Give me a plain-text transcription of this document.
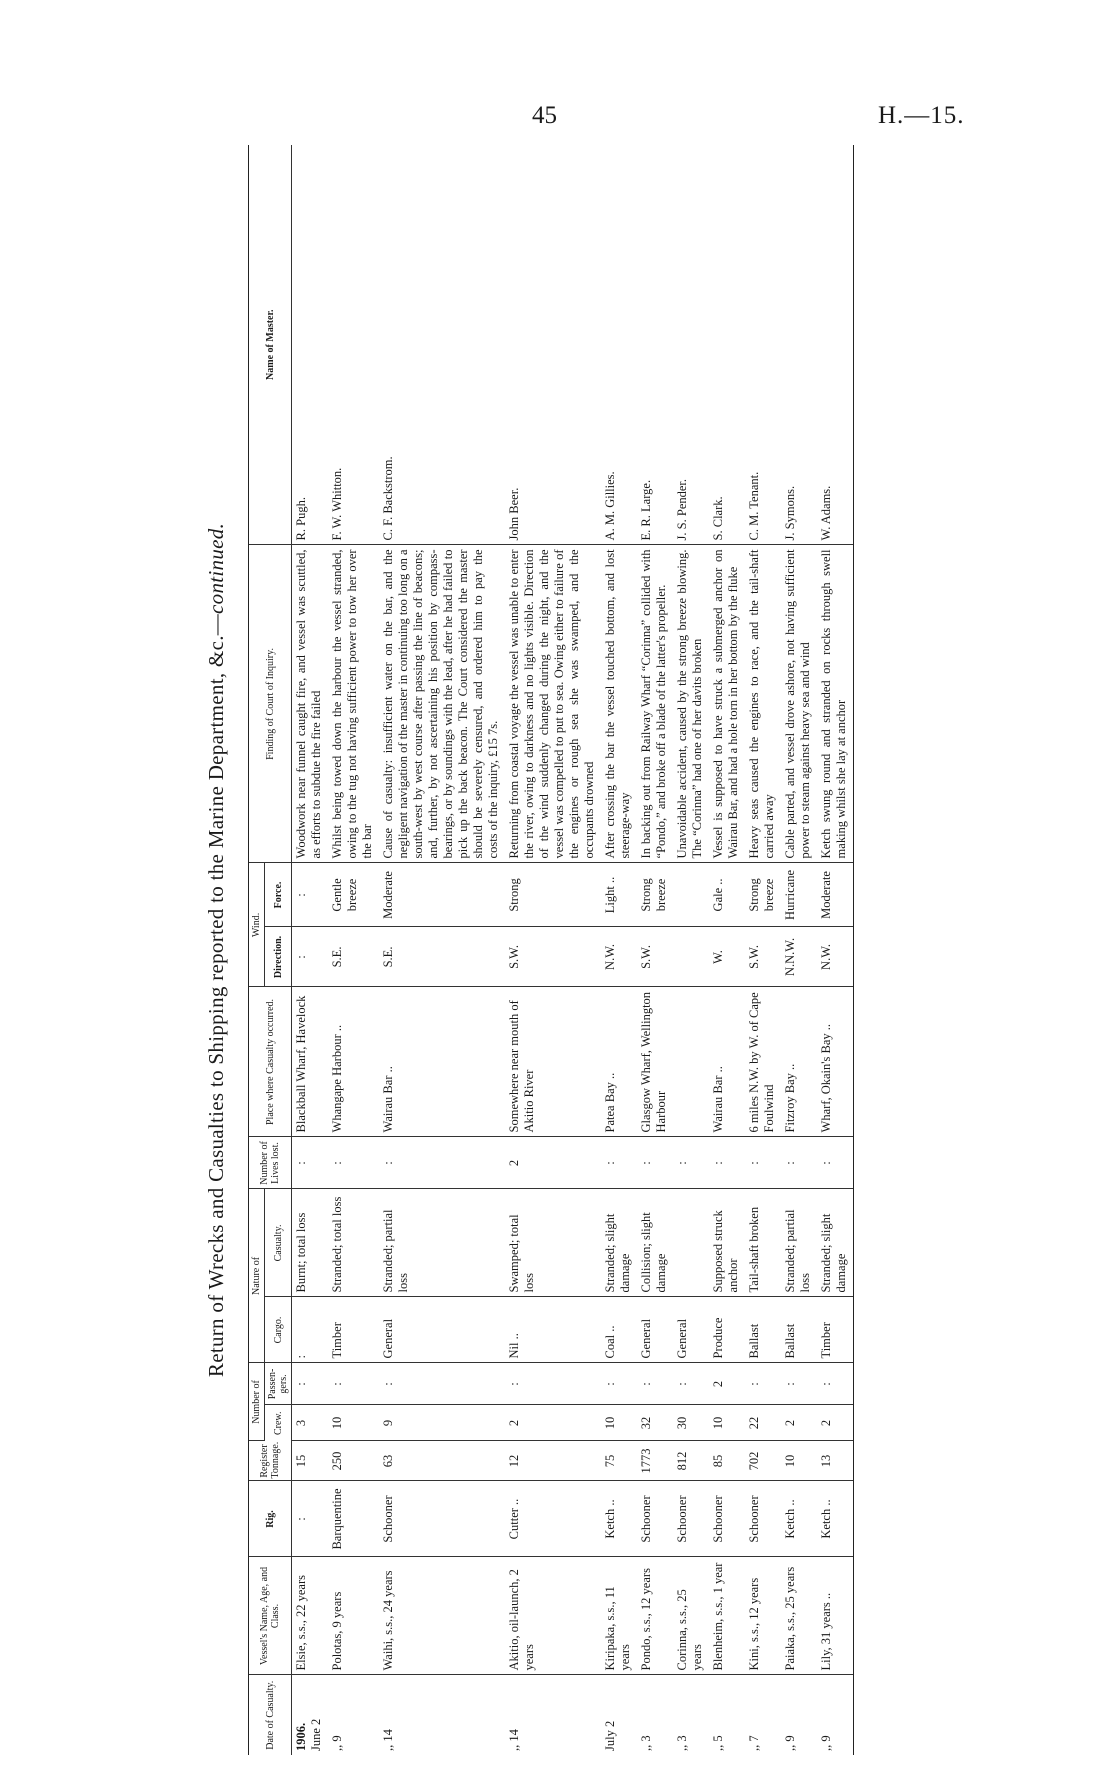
45	H.—15.
Return of Wrecks and Casualties to Shipping reported to the Marine Department, &c.—continued.
Date of Casualty.	Vessel's Name, Age, and Class.	Rig.	Register Tonnage.	Number of		Nature of		Number of Lives lost.	Place where Casualty occurred.	Wind.		Finding of Court of Inquiry.	Name of Master.
				Crew.	Passen-gers.	Cargo.	Casualty.			Direction.	Force.		

1906. June 2	Elsie, s.s., 22 years	:	15	3	:	:	Burnt; total loss	:	Blackball Wharf, Havelock	:	:	Woodwork near funnel caught fire, and vessel was scuttled, as efforts to subdue the fire failed	R. Pugh.
,, 9	Polotas, 9 years	Barquentine	250	10	:	Timber	Stranded; total loss	:	Whangape Harbour ..	S.E.	Gentle breeze	Whilst being towed down the harbour the vessel stranded, owing to the tug not having sufficient power to tow her over the bar	F. W. Whitton.
,, 14	Waihi, s.s., 24 years	Schooner	63	9	:	General	Stranded; partial loss	:	Wairau Bar ..	S.E.	Moderate	Cause of casualty: insufficient water on the bar, and the negligent navigation of the master in continuing too long on a south-west by west course after passing the line of beacons; and, further, by not ascertaining his position by compass-bearings, or by soundings with the lead, after he had failed to pick up the back beacon. The Court considered the master should be severely censured, and ordered him to pay the costs of the inquiry, £15 7s.	C. F. Backstrom.
,, 14	Akitio, oil-launch, 2 years	Cutter ..	12	2	:	Nil ..	Swamped; total loss	2	Somewhere near mouth of Akitio River	S.W.	Strong	Returning from coastal voyage the vessel was unable to enter the river, owing to darkness and no lights visible. Direction of the wind suddenly changed during the night, and the vessel was compelled to put to sea. Owing either to failure of the engines or rough sea she was swamped, and the occupants drowned	John Beer.
July 2	Kiripaka, s.s., 11 years	Ketch ..	75	10	:	Coal ..	Stranded; slight damage	:	Patea Bay ..	N.W.	Light ..	After crossing the bar the vessel touched bottom, and lost steerage-way	A. M. Gillies.
,, 3	Pondo, s.s., 12 years	Schooner	1773	32	:	General	Collision; slight damage	:	Glasgow Wharf, Wellington Harbour	S.W.	Strong breeze	In backing out from Railway Wharf “Corinna” collided with “Pondo,” and broke off a blade of the latter's propeller.	E. R. Large.
,, 3	Corinna, s.s., 25 years	Schooner	812	30	:	General		:				Unavoidable accident, caused by the strong breeze blowing. The “Corinna” had one of her davits broken	J. S. Pender.
,, 5	Blenheim, s.s., 1 year	Schooner	85	10	2	Produce	Supposed struck anchor	:	Wairau Bar ..	W.	Gale ..	Vessel is supposed to have struck a submerged anchor on Wairau Bar, and had a hole torn in her bottom by the fluke	S. Clark.
,, 7	Kini, s.s., 12 years	Schooner	702	22	:	Ballast	Tail-shaft broken	:	6 miles N.W. by W. of Cape Foulwind	S.W.	Strong breeze	Heavy seas caused the engines to race, and the tail-shaft carried away	C. M. Tenant.
,, 9	Paiaka, s.s., 25 years	Ketch ..	10	2	:	Ballast	Stranded; partial loss	:	Fitzroy Bay ..	N.N.W.	Hurricane	Cable parted, and vessel drove ashore, not having sufficient power to steam against heavy sea and wind	J. Symons.
,, 9	Lily, 31 years ..	Ketch ..	13	2	:	Timber	Stranded; slight damage	:	Wharf, Okain's Bay ..	N.W.	Moderate	Ketch swung round and stranded on rocks through swell making whilst she lay at anchor	W. Adams.
